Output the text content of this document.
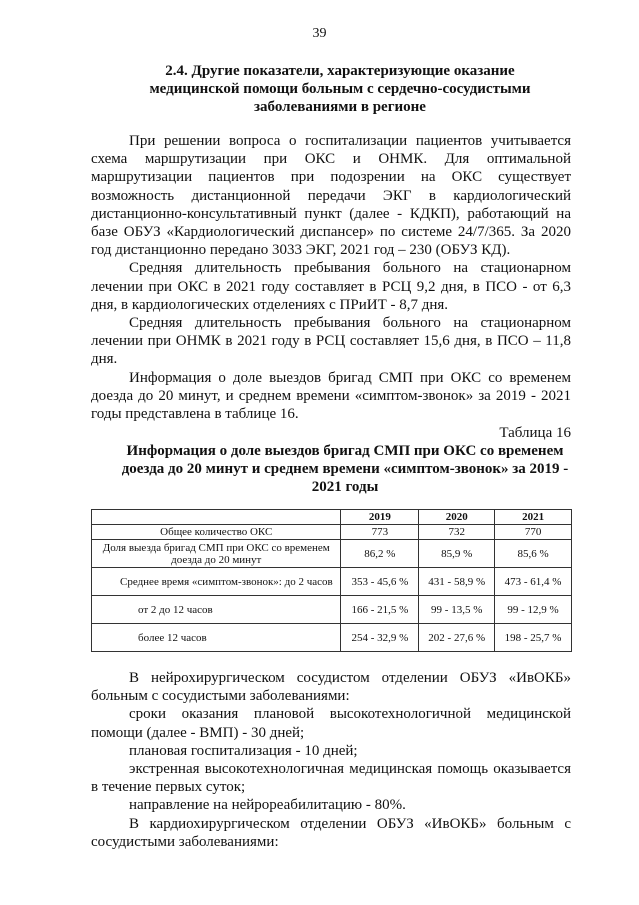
39
2.4. Другие показатели, характеризующие оказание медицинской помощи больным с сердечно-сосудистыми заболеваниями в регионе

При решении вопроса о госпитализации пациентов учитывается схема маршрутизации при ОКС и ОНМК. Для оптимальной маршрутизации пациентов при подозрении на ОКС существует возможность дистанционной передачи ЭКГ в кардиологический дистанционно-консультативный пункт (далее - КДКП), работающий на базе ОБУЗ «Кардиологический диспансер» по системе 24/7/365. За 2020 год дистанционно передано 3033 ЭКГ, 2021 год – 230 (ОБУЗ КД).

Средняя длительность пребывания больного на стационарном лечении при ОКС в 2021 году составляет в РСЦ 9,2 дня, в ПСО - от 6,3 дня, в кардиологических отделениях с ПРиИТ - 8,7 дня.

Средняя длительность пребывания больного на стационарном лечении при ОНМК в 2021 году в РСЦ составляет 15,6 дня, в ПСО – 11,8 дня.

Информация о доле выездов бригад СМП при ОКС со временем доезда до 20 минут, и среднем времени «симптом-звонок» за 2019 - 2021 годы представлена в таблице 16.

Таблица 16
Информация о доле выездов бригад СМП при ОКС со временем доезда до 20 минут и среднем времени «симптом-звонок» за 2019 - 2021 годы
	2019	2020	2021
Общее количество ОКС	773	732	770
Доля выезда бригад СМП при ОКС со временем доезда до 20 минут	86,2 %	85,9 %	85,6 %
Среднее время «симптом-звонок»: до 2 часов	353 - 45,6 %	431 - 58,9 %	473 - 61,4 %
от 2 до 12 часов	166 - 21,5 %	99 - 13,5 %	99 - 12,9 %
более 12 часов	254 - 32,9 %	202 - 27,6 %	198 - 25,7 %

В нейрохирургическом сосудистом отделении ОБУЗ «ИвОКБ» больным с сосудистыми заболеваниями:

сроки оказания плановой высокотехнологичной медицинской помощи (далее - ВМП) - 30 дней;

плановая госпитализация - 10 дней;

экстренная высокотехнологичная медицинская помощь оказывается в течение первых суток;

направление на нейрореабилитацию - 80%.

В кардиохирургическом отделении ОБУЗ «ИвОКБ» больным с сосудистыми заболеваниями:
